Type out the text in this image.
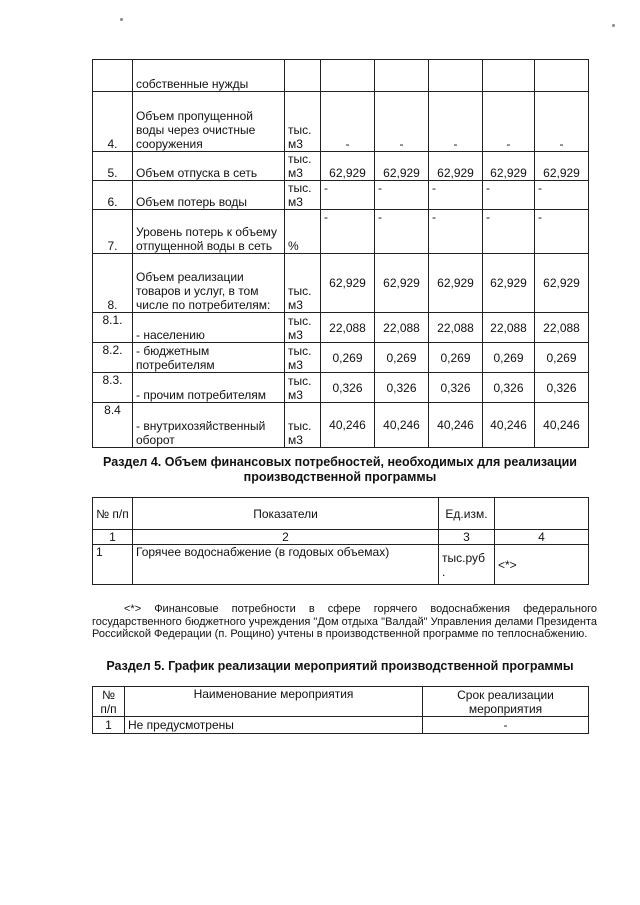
	собственные нужды						
4.	Объем пропущенной воды через очистные сооружения	тыс. м3	-	-	-	-	-
5.	Объем отпуска в сеть	тыс. м3	62,929	62,929	62,929	62,929	62,929
6.	Объем потерь воды	тыс. м3	-	-	-	-	-
7.	Уровень потерь к объему отпущенной воды в сеть	%	-	-	-	-	-
8.	Объем реализации товаров и услуг, в том числе по потребителям:	тыс. м3	62,929	62,929	62,929	62,929	62,929
8.1.	- населению	тыс. м3	22,088	22,088	22,088	22,088	22,088
8.2.	- бюджетным потребителям	тыс. м3	0,269	0,269	0,269	0,269	0,269
8.3.	- прочим потребителям	тыс. м3	0,326	0,326	0,326	0,326	0,326
8.4	- внутрихозяйственный оборот	тыс. м3	40,246	40,246	40,246	40,246	40,246
Раздел 4. Объем финансовых потребностей, необходимых для реализации
производственной программы
№ п/п	Показатели	Ед.изм.	
1	2	3	4
1	Горячее водоснабжение (в годовых объемах)	тыс.руб .	<*>
<*> Финансовые потребности в сфере горячего водоснабжения федерального государственного бюджетного учреждения "Дом отдыха "Валдай" Управления делами Президента Российской Федерации (п. Рощино) учтены в производственной программе по теплоснабжению.
Раздел 5. График реализации мероприятий производственной программы
№ п/п	Наименование мероприятия	Срок реализации мероприятия
1	Не предусмотрены	-
